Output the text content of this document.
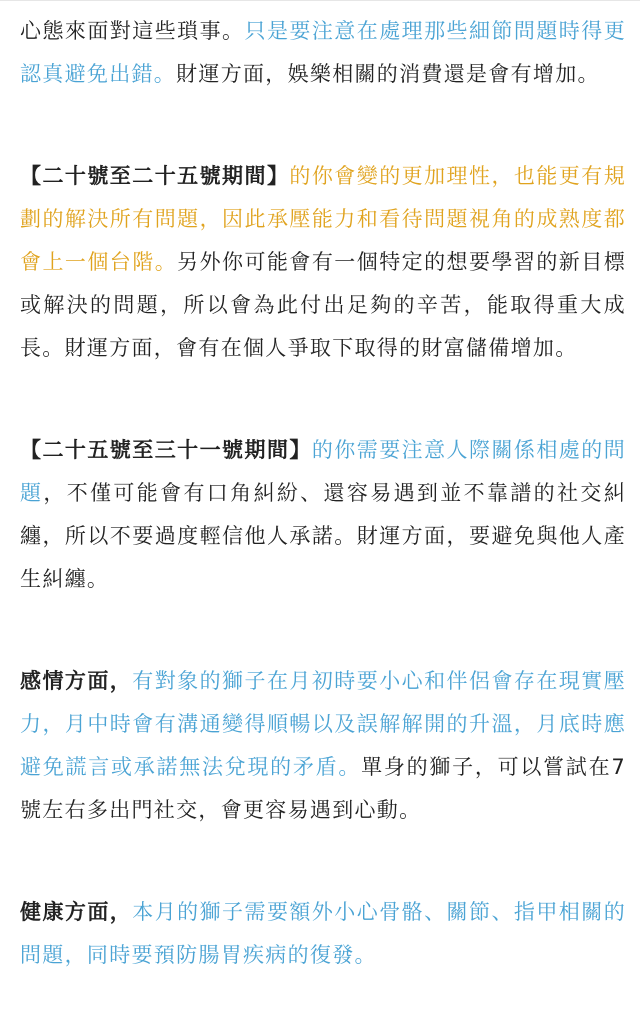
心態來面對這些瑣事。只是要注意在處理那些細節問題時得更認真避免出錯。財運方面，娛樂相關的消費還是會有增加。

【二十號至二十五號期間】的你會變的更加理性，也能更有規劃的解決所有問題，因此承壓能力和看待問題視角的成熟度都會上一個台階。另外你可能會有一個特定的想要學習的新目標或解決的問題，所以會為此付出足夠的辛苦，能取得重大成長。財運方面，會有在個人爭取下取得的財富儲備增加。

【二十五號至三十一號期間】的你需要注意人際關係相處的問題，不僅可能會有口角糾紛、還容易遇到並不靠譜的社交糾纏，所以不要過度輕信他人承諾。財運方面，要避免與他人產生糾纏。

感情方面，有對象的獅子在月初時要小心和伴侶會存在現實壓力，月中時會有溝通變得順暢以及誤解解開的升溫，月底時應避免謊言或承諾無法兌現的矛盾。單身的獅子，可以嘗試在7號左右多出門社交，會更容易遇到心動。

健康方面，本月的獅子需要額外小心骨骼、關節、指甲相關的問題，同時要預防腸胃疾病的復發。
